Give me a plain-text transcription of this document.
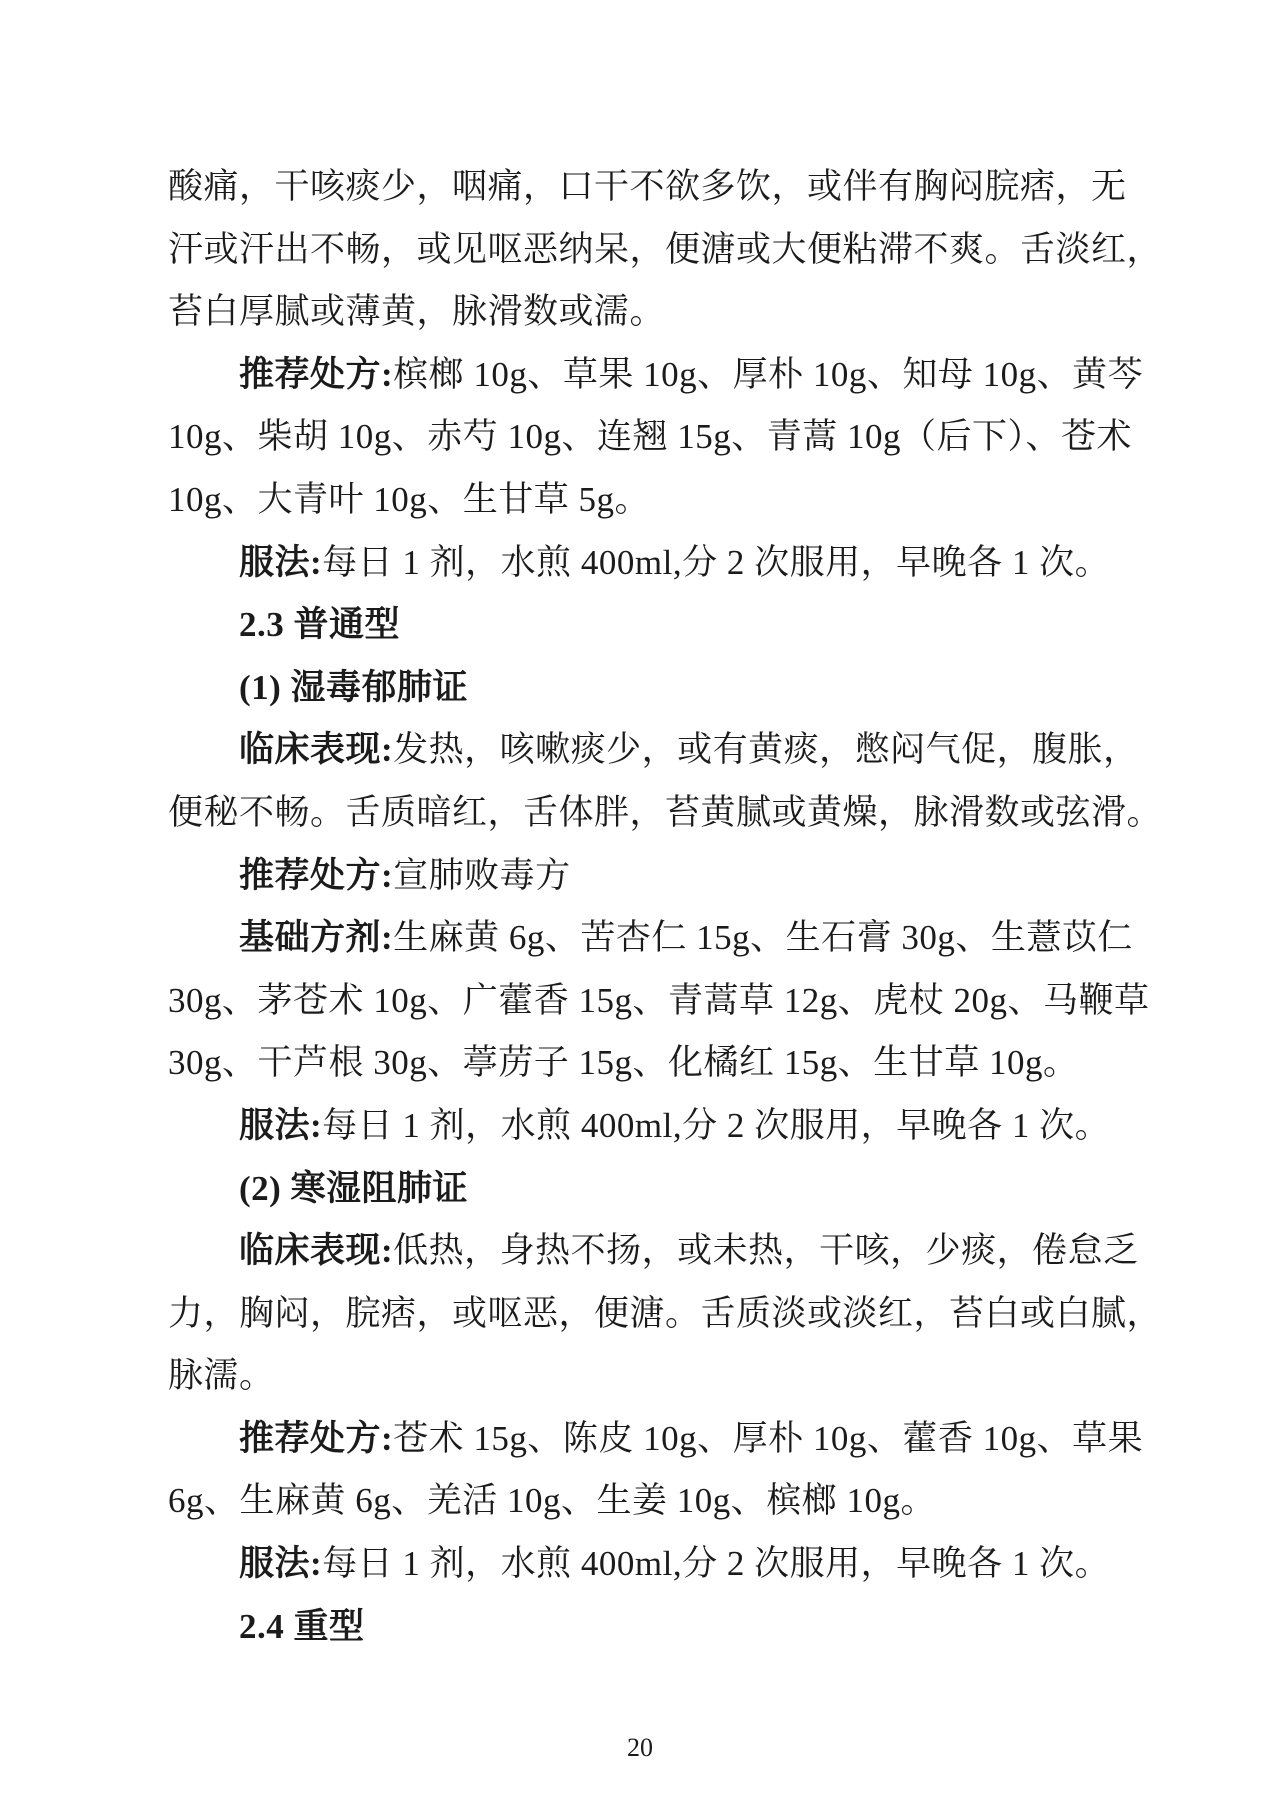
酸痛，干咳痰少，咽痛，口干不欲多饮，或伴有胸闷脘痞，无
汗或汗出不畅，或见呕恶纳呆，便溏或大便粘滞不爽。舌淡红，
苔白厚腻或薄黄，脉滑数或濡。
推荐处方:槟榔 10g、草果 10g、厚朴 10g、知母 10g、黄芩
10g、柴胡 10g、赤芍 10g、连翘 15g、青蒿 10g（后下）、苍术
10g、大青叶 10g、生甘草 5g。
服法:每日 1 剂，水煎 400ml,分 2 次服用，早晚各 1 次。
2.3 普通型
(1) 湿毒郁肺证
临床表现:发热，咳嗽痰少，或有黄痰，憋闷气促，腹胀，
便秘不畅。舌质暗红，舌体胖，苔黄腻或黄燥，脉滑数或弦滑。
推荐处方:宣肺败毒方
基础方剂:生麻黄 6g、苦杏仁 15g、生石膏 30g、生薏苡仁
30g、茅苍术 10g、广藿香 15g、青蒿草 12g、虎杖 20g、马鞭草
30g、干芦根 30g、葶苈子 15g、化橘红 15g、生甘草 10g。
服法:每日 1 剂，水煎 400ml,分 2 次服用，早晚各 1 次。
(2) 寒湿阻肺证
临床表现:低热，身热不扬，或未热，干咳，少痰，倦怠乏
力，胸闷，脘痞，或呕恶，便溏。舌质淡或淡红，苔白或白腻，
脉濡。
推荐处方:苍术 15g、陈皮 10g、厚朴 10g、藿香 10g、草果
6g、生麻黄 6g、羌活 10g、生姜 10g、槟榔 10g。
服法:每日 1 剂，水煎 400ml,分 2 次服用，早晚各 1 次。
2.4 重型
20
